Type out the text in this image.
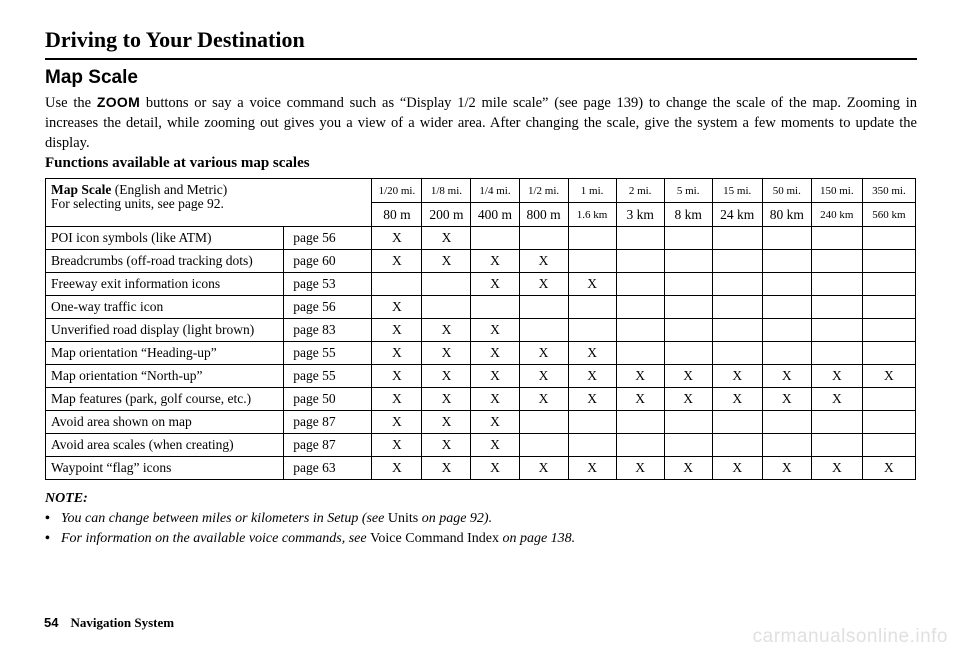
Driving to Your Destination
Map Scale
Use the ZOOM buttons or say a voice command such as “Display 1/2 mile scale” (see page 139) to change the scale of the map. Zooming in increases the detail, while zooming out gives you a view of a wider area. After changing the scale, give the system a few moments to update the display.
Functions available at various map scales
Map Scale (English and Metric)
For selecting units, see page 92.		1/20 mi.	1/8 mi.	1/4 mi.	1/2 mi.	1 mi.	2 mi.	5 mi.	15 mi.	50 mi.	150 mi.	350 mi.
		80 m	200 m	400 m	800 m	1.6 km	3 km	8 km	24 km	80 km	240 km	560 km
POI icon symbols (like ATM)	page 56	X	X									
Breadcrumbs (off-road tracking dots)	page 60	X	X	X	X							
Freeway exit information icons	page 53			X	X	X						
One-way traffic icon	page 56	X										
Unverified road display (light brown)	page 83	X	X	X								
Map orientation “Heading-up”	page 55	X	X	X	X	X						
Map orientation “North-up”	page 55	X	X	X	X	X	X	X	X	X	X	X
Map features (park, golf course, etc.)	page 50	X	X	X	X	X	X	X	X	X	X	
Avoid area shown on map	page 87	X	X	X								
Avoid area scales (when creating)	page 87	X	X	X								
Waypoint “flag” icons	page 63	X	X	X	X	X	X	X	X	X	X	X
NOTE:
• You can change between miles or kilometers in Setup (see Units on page 92).
• For information on the available voice commands, see Voice Command Index on page 138.
54 Navigation System
carmanualsonline.info
